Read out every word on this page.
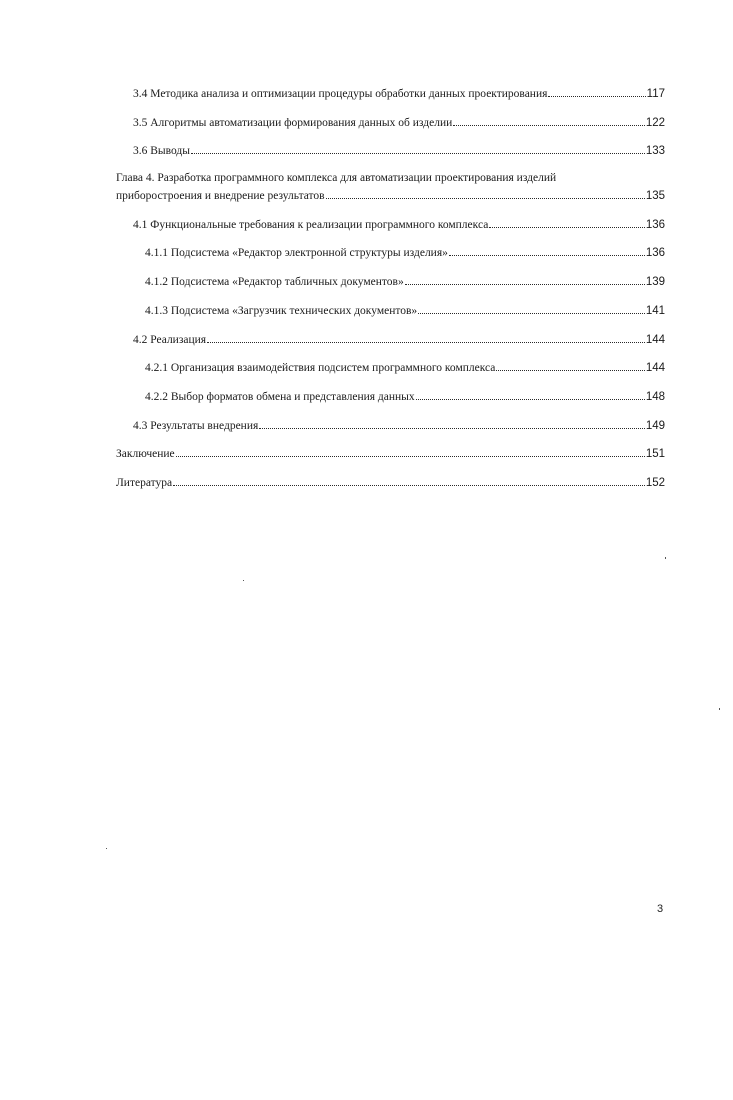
3.4 Методика анализа и оптимизации процедуры обработки данных проектирования	117
3.5 Алгоритмы автоматизации формирования данных об изделии	122
3.6 Выводы	133
Глава 4. Разработка программного комплекса для автоматизации проектирования изделий
приборостроения и внедрение результатов	135
4.1 Функциональные требования к реализации программного комплекса	136
4.1.1 Подсистема «Редактор электронной структуры изделия»	136
4.1.2 Подсистема «Редактор табличных документов»	139
4.1.3 Подсистема «Загрузчик технических документов»	141
4.2 Реализация	144
4.2.1 Организация взаимодействия подсистем программного комплекса	144
4.2.2 Выбор форматов обмена и представления данных	148
4.3 Результаты внедрения	149
Заключение	151
Литература	152
3
